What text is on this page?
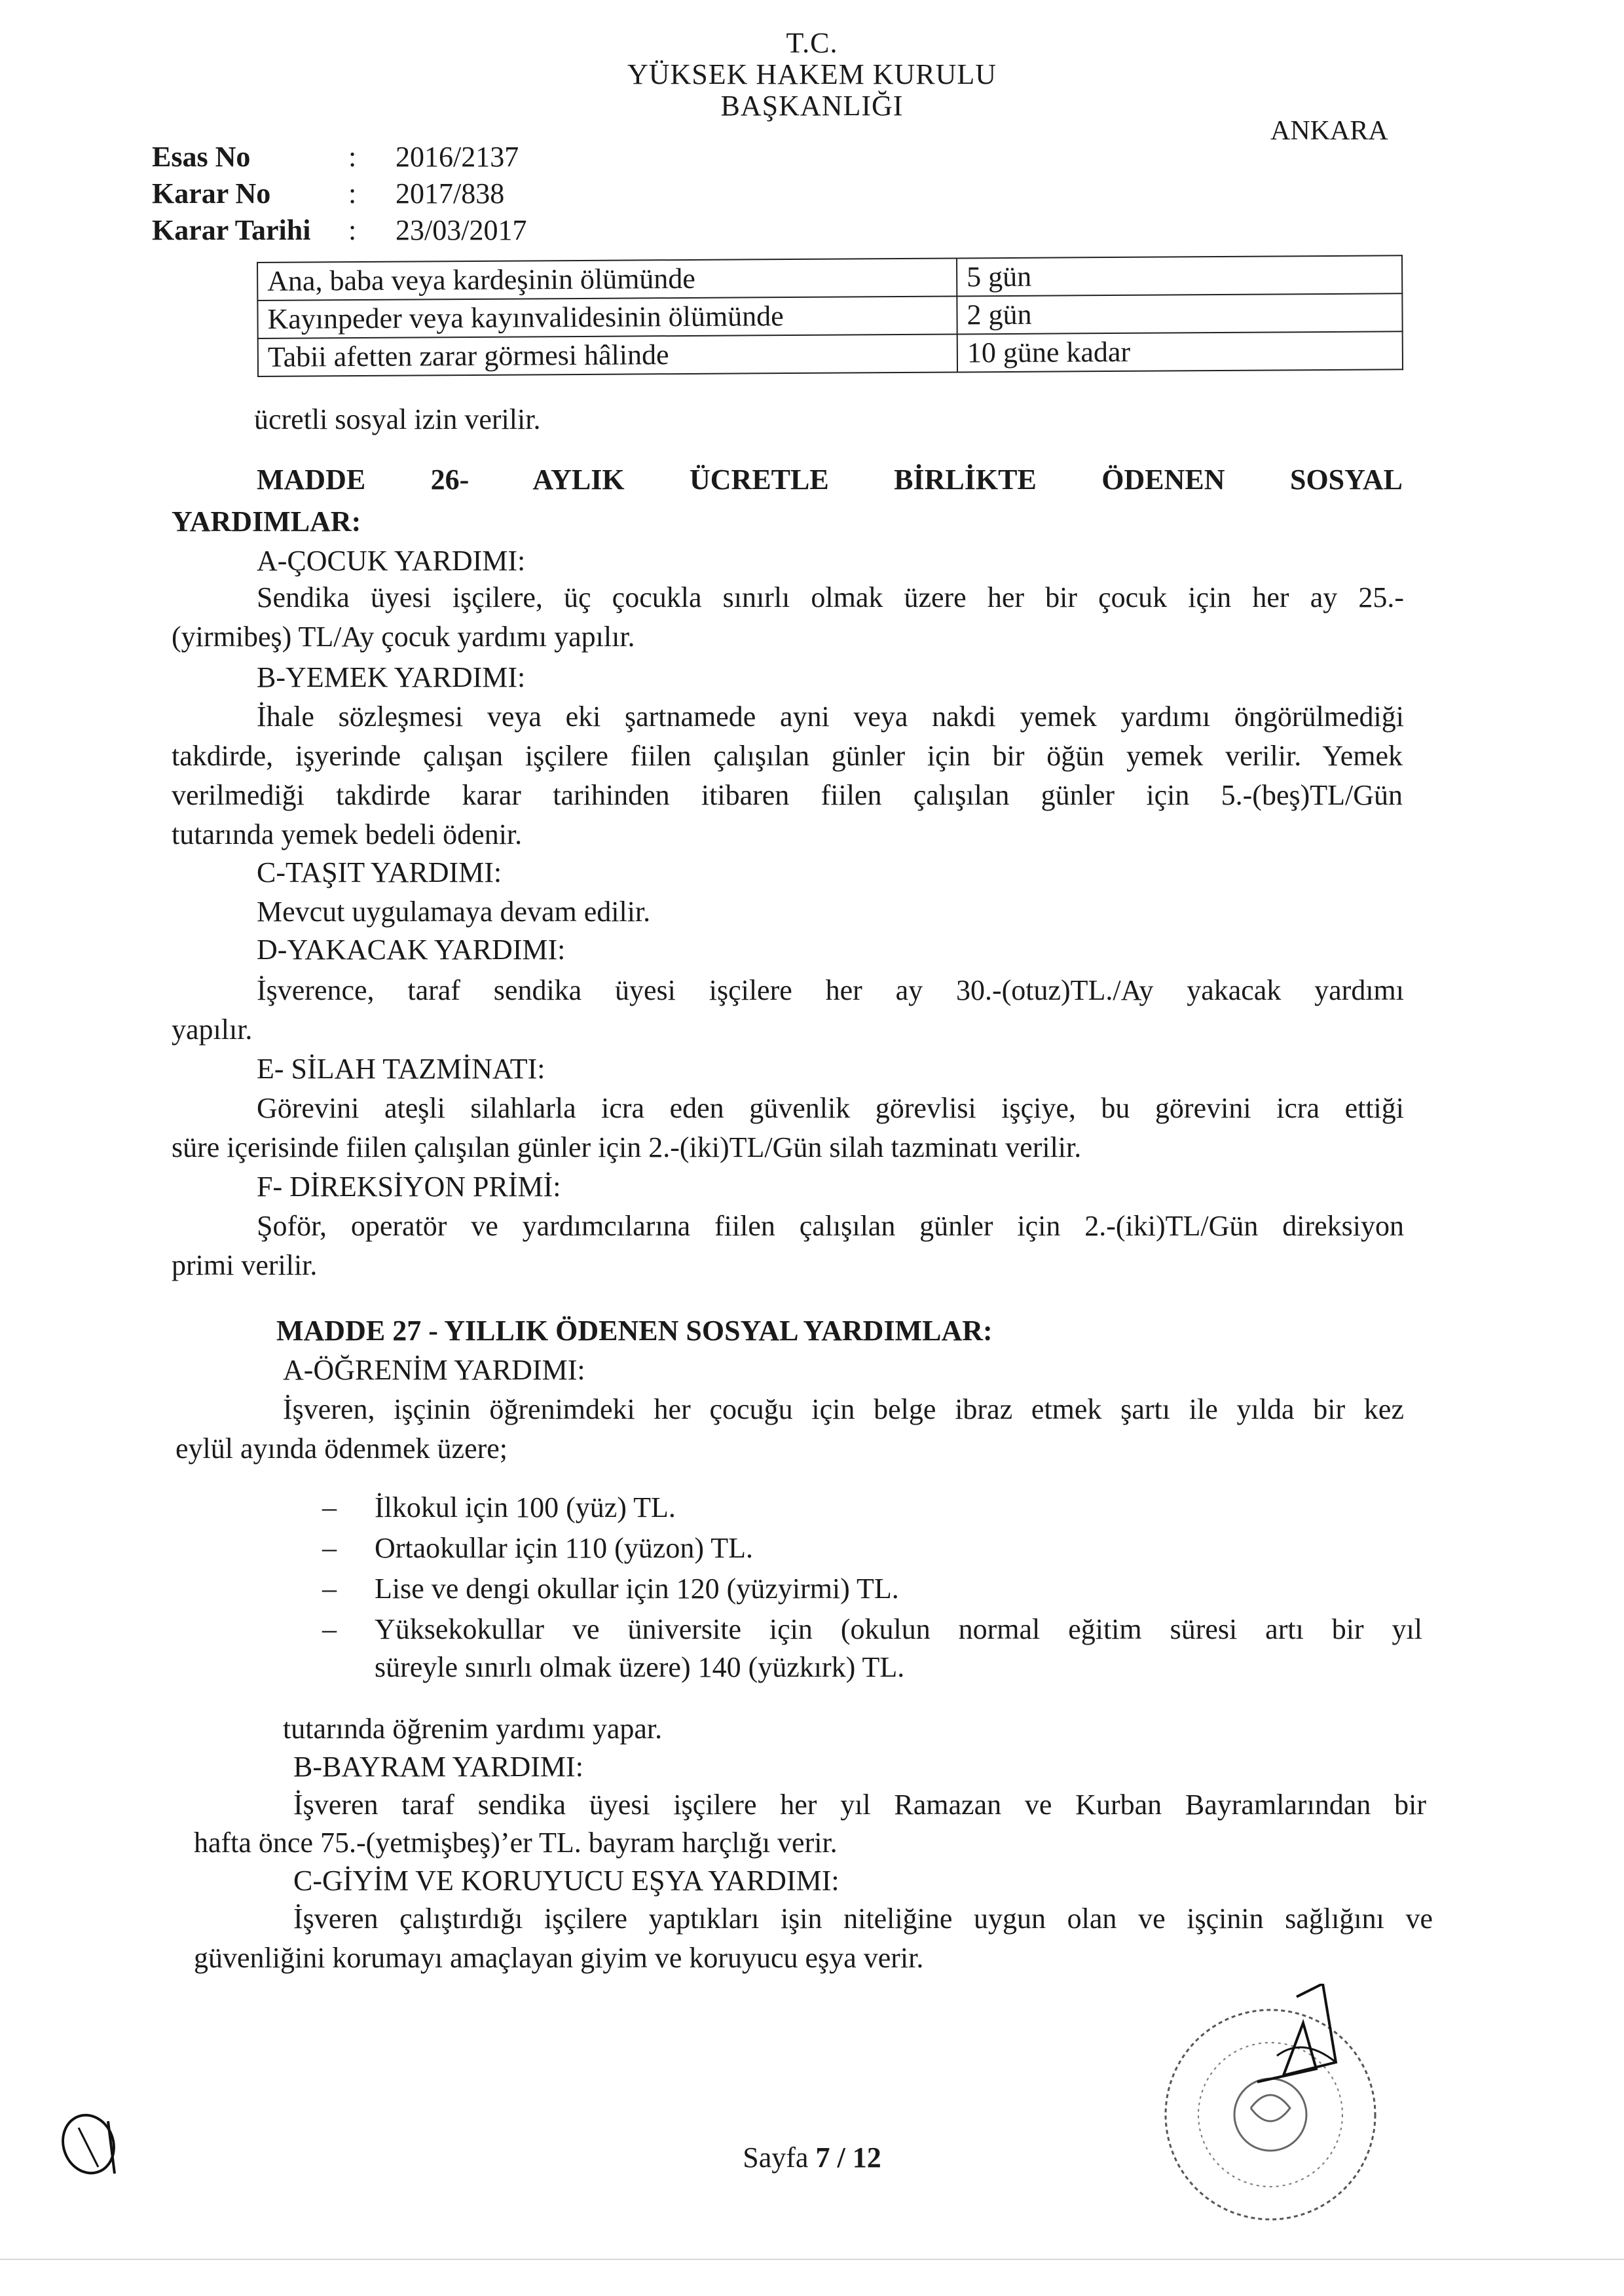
T.C.
YÜKSEK HAKEM KURULU
BAŞKANLIĞI
ANKARA
Esas No	:	2016/2137
Karar No	:	2017/838
Karar Tarihi	:	23/03/2017
Ana, baba veya kardeşinin ölümünde	5 gün
Kayınpeder veya kayınvalidesinin ölümünde	2 gün
Tabii afetten zarar görmesi hâlinde	10 güne kadar
ücretli sosyal izin verilir.
MADDE 26- AYLIK ÜCRETLE BİRLİKTE ÖDENEN SOSYAL
YARDIMLAR:
A-ÇOCUK YARDIMI:
Sendika üyesi işçilere, üç çocukla sınırlı olmak üzere her bir çocuk için her ay 25.-
(yirmibeş) TL/Ay çocuk yardımı yapılır.
B-YEMEK YARDIMI:
İhale sözleşmesi veya eki şartnamede ayni veya nakdi yemek yardımı öngörülmediği
takdirde, işyerinde çalışan işçilere fiilen çalışılan günler için bir öğün yemek verilir. Yemek
verilmediği takdirde karar tarihinden itibaren fiilen çalışılan günler için 5.-(beş)TL/Gün
tutarında yemek bedeli ödenir.
C-TAŞIT YARDIMI:
Mevcut uygulamaya devam edilir.
D-YAKACAK YARDIMI:
İşverence, taraf sendika üyesi işçilere her ay 30.-(otuz)TL./Ay yakacak yardımı
yapılır.
E- SİLAH TAZMİNATI:
Görevini ateşli silahlarla icra eden güvenlik görevlisi işçiye, bu görevini icra ettiği
süre içerisinde fiilen çalışılan günler için 2.-(iki)TL/Gün silah tazminatı verilir.
F- DİREKSİYON PRİMİ:
Şoför, operatör ve yardımcılarına fiilen çalışılan günler için 2.-(iki)TL/Gün direksiyon
primi verilir.
MADDE 27 - YILLIK ÖDENEN SOSYAL YARDIMLAR:
A-ÖĞRENİM YARDIMI:
İşveren, işçinin öğrenimdeki her çocuğu için belge ibraz etmek şartı ile yılda bir kez
eylül ayında ödenmek üzere;
–	İlkokul için 100 (yüz) TL.
–	Ortaokullar için 110 (yüzon) TL.
–	Lise ve dengi okullar için 120 (yüzyirmi) TL.
–	Yüksekokullar ve üniversite için (okulun normal eğitim süresi artı bir yıl
süreyle sınırlı olmak üzere) 140 (yüzkırk) TL.
tutarında öğrenim yardımı yapar.
B-BAYRAM YARDIMI:
İşveren taraf sendika üyesi işçilere her yıl Ramazan ve Kurban Bayramlarından bir
hafta önce 75.-(yetmişbeş)’er TL. bayram harçlığı verir.
C-GİYİM VE KORUYUCU EŞYA YARDIMI:
İşveren çalıştırdığı işçilere yaptıkları işin niteliğine uygun olan ve işçinin sağlığını ve
güvenliğini korumayı amaçlayan giyim ve koruyucu eşya verir.
Sayfa 7 / 12
